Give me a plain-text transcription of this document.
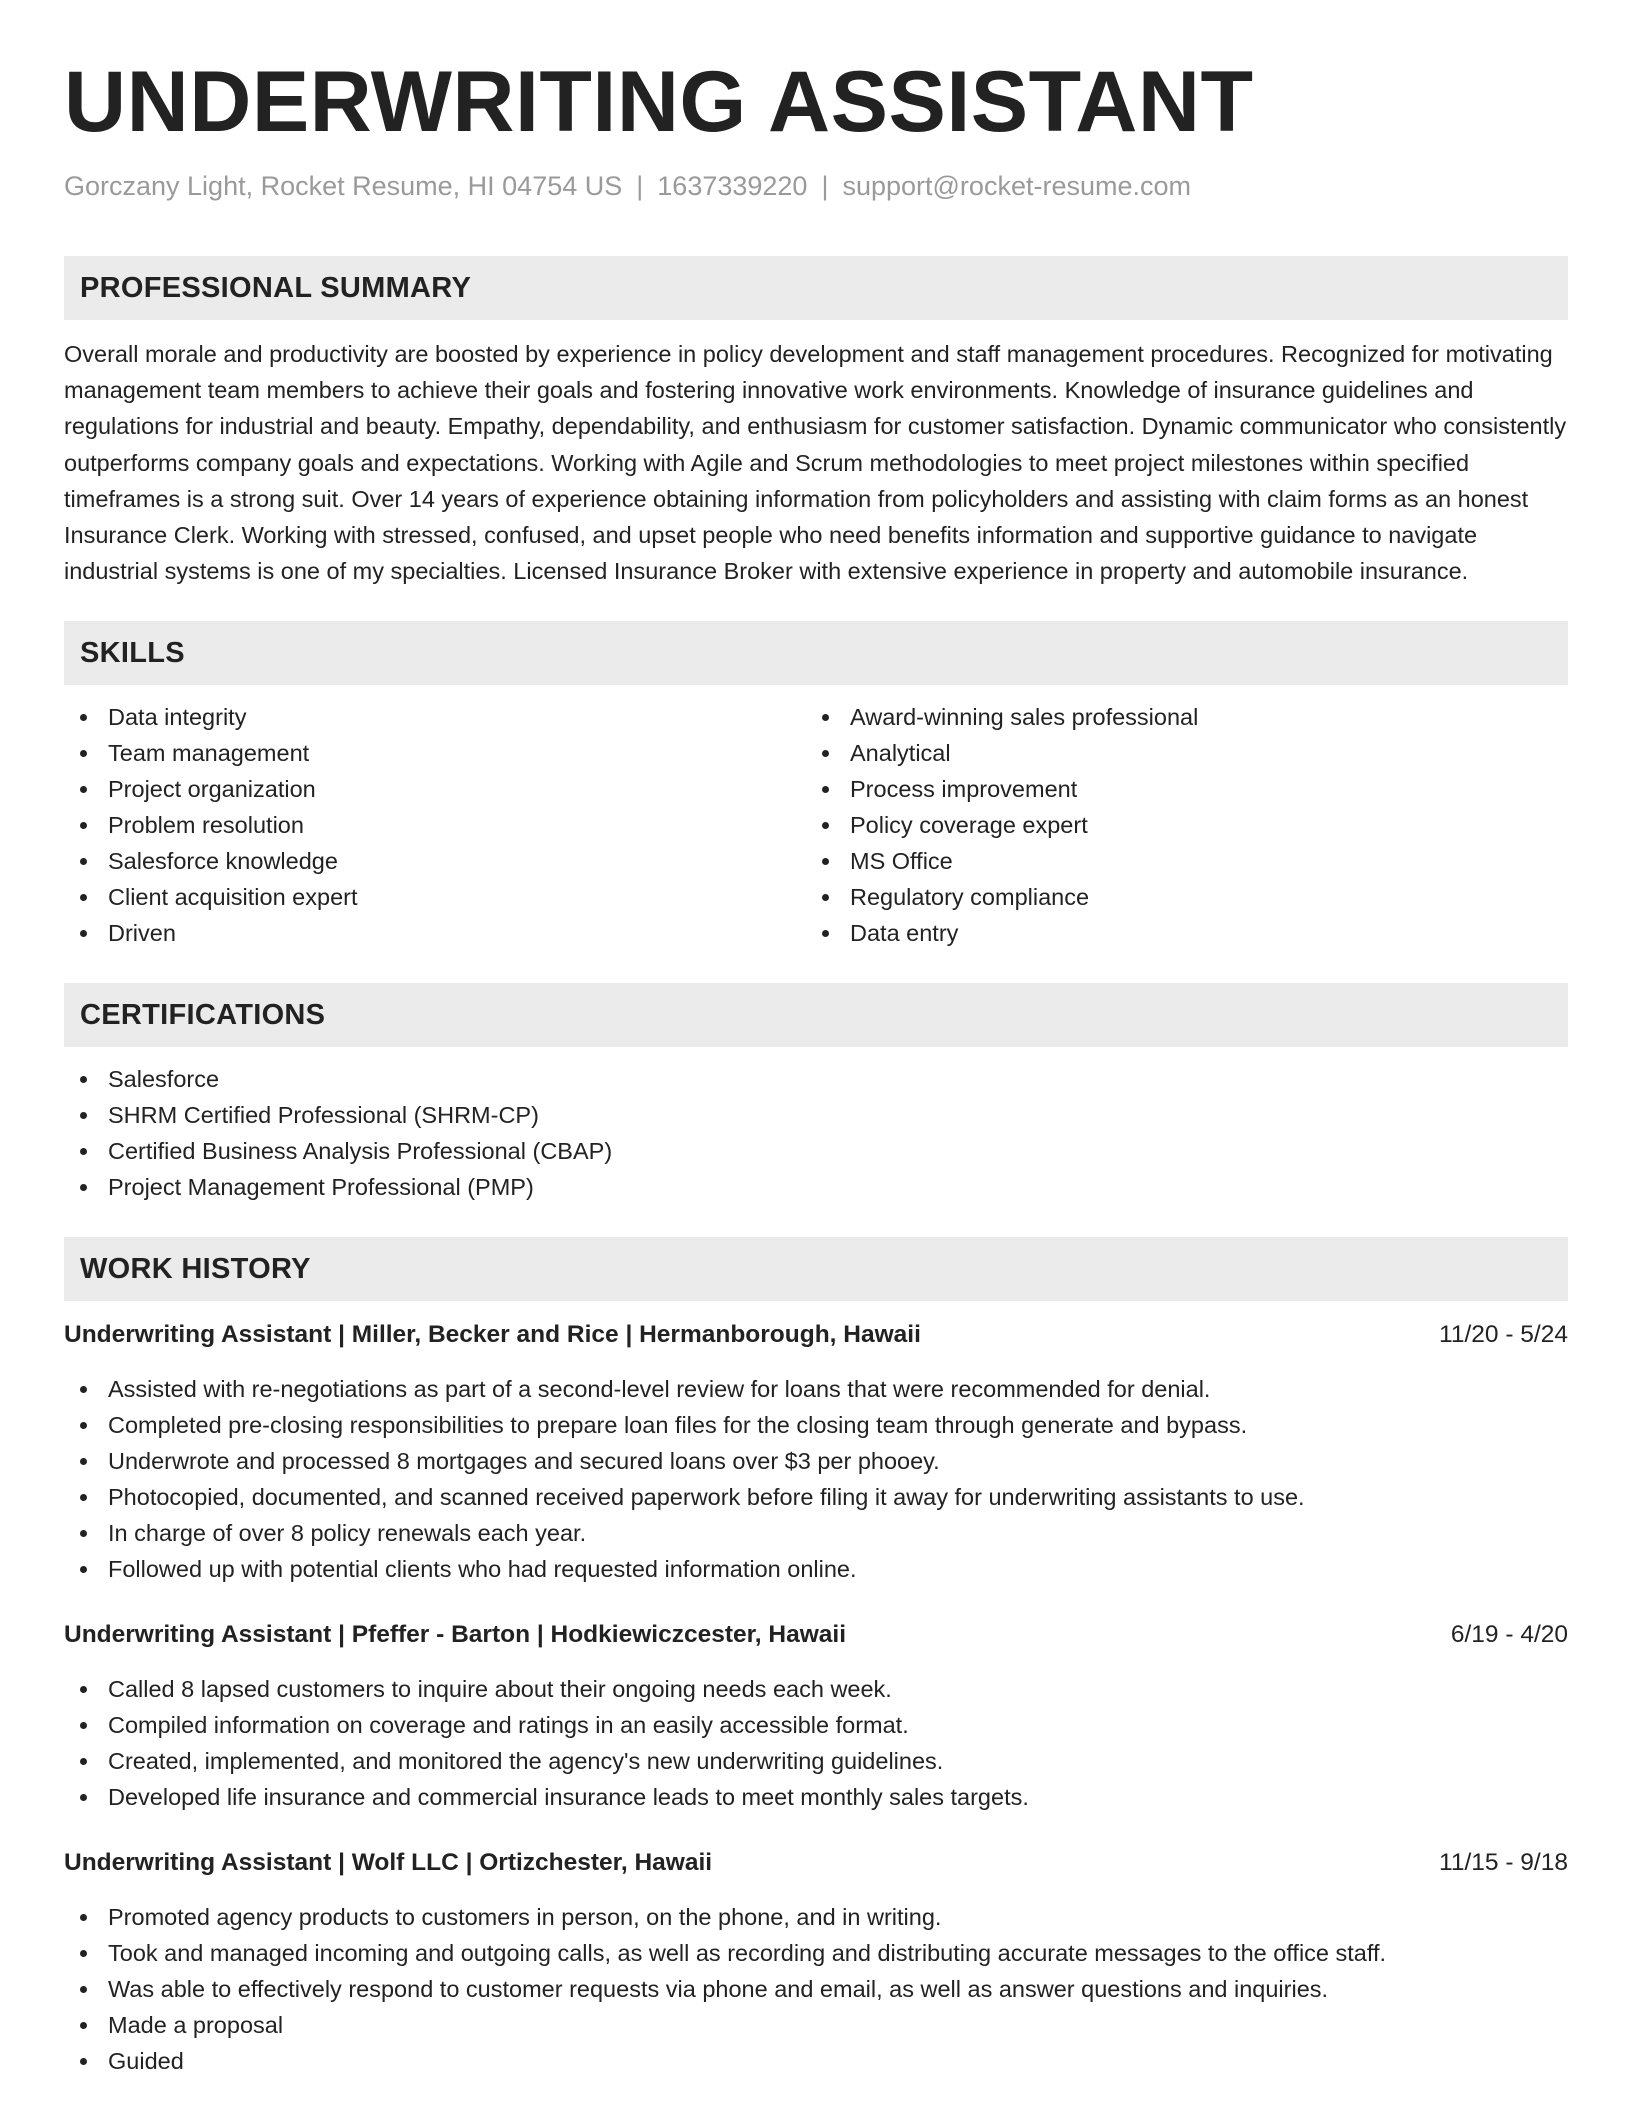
UNDERWRITING ASSISTANT
Gorczany Light, Rocket Resume, HI 04754 US | 1637339220 | support@rocket-resume.com
PROFESSIONAL SUMMARY

Overall morale and productivity are boosted by experience in policy development and staff management procedures. Recognized for motivating management team members to achieve their goals and fostering innovative work environments. Knowledge of insurance guidelines and regulations for industrial and beauty. Empathy, dependability, and enthusiasm for customer satisfaction. Dynamic communicator who consistently outperforms company goals and expectations. Working with Agile and Scrum methodologies to meet project milestones within specified timeframes is a strong suit. Over 14 years of experience obtaining information from policyholders and assisting with claim forms as an honest Insurance Clerk. Working with stressed, confused, and upset people who need benefits information and supportive guidance to navigate industrial systems is one of my specialties. Licensed Insurance Broker with extensive experience in property and automobile insurance.

SKILLS
Data integrity
Team management
Project organization
Problem resolution
Salesforce knowledge
Client acquisition expert
Driven
Award-winning sales professional
Analytical
Process improvement
Policy coverage expert
MS Office
Regulatory compliance
Data entry
CERTIFICATIONS
Salesforce
SHRM Certified Professional (SHRM-CP)
Certified Business Analysis Professional (CBAP)
Project Management Professional (PMP)
WORK HISTORY
Underwriting Assistant | Miller, Becker and Rice | Hermanborough, Hawaii	11/20 - 5/24
Assisted with re-negotiations as part of a second-level review for loans that were recommended for denial.
Completed pre-closing responsibilities to prepare loan files for the closing team through generate and bypass.
Underwrote and processed 8 mortgages and secured loans over $3 per phooey.
Photocopied, documented, and scanned received paperwork before filing it away for underwriting assistants to use.
In charge of over 8 policy renewals each year.
Followed up with potential clients who had requested information online.
Underwriting Assistant | Pfeffer - Barton | Hodkiewiczcester, Hawaii	6/19 - 4/20
Called 8 lapsed customers to inquire about their ongoing needs each week.
Compiled information on coverage and ratings in an easily accessible format.
Created, implemented, and monitored the agency's new underwriting guidelines.
Developed life insurance and commercial insurance leads to meet monthly sales targets.
Underwriting Assistant | Wolf LLC | Ortizchester, Hawaii	11/15 - 9/18
Promoted agency products to customers in person, on the phone, and in writing.
Took and managed incoming and outgoing calls, as well as recording and distributing accurate messages to the office staff.
Was able to effectively respond to customer requests via phone and email, as well as answer questions and inquiries.
Made a proposal
Guided
